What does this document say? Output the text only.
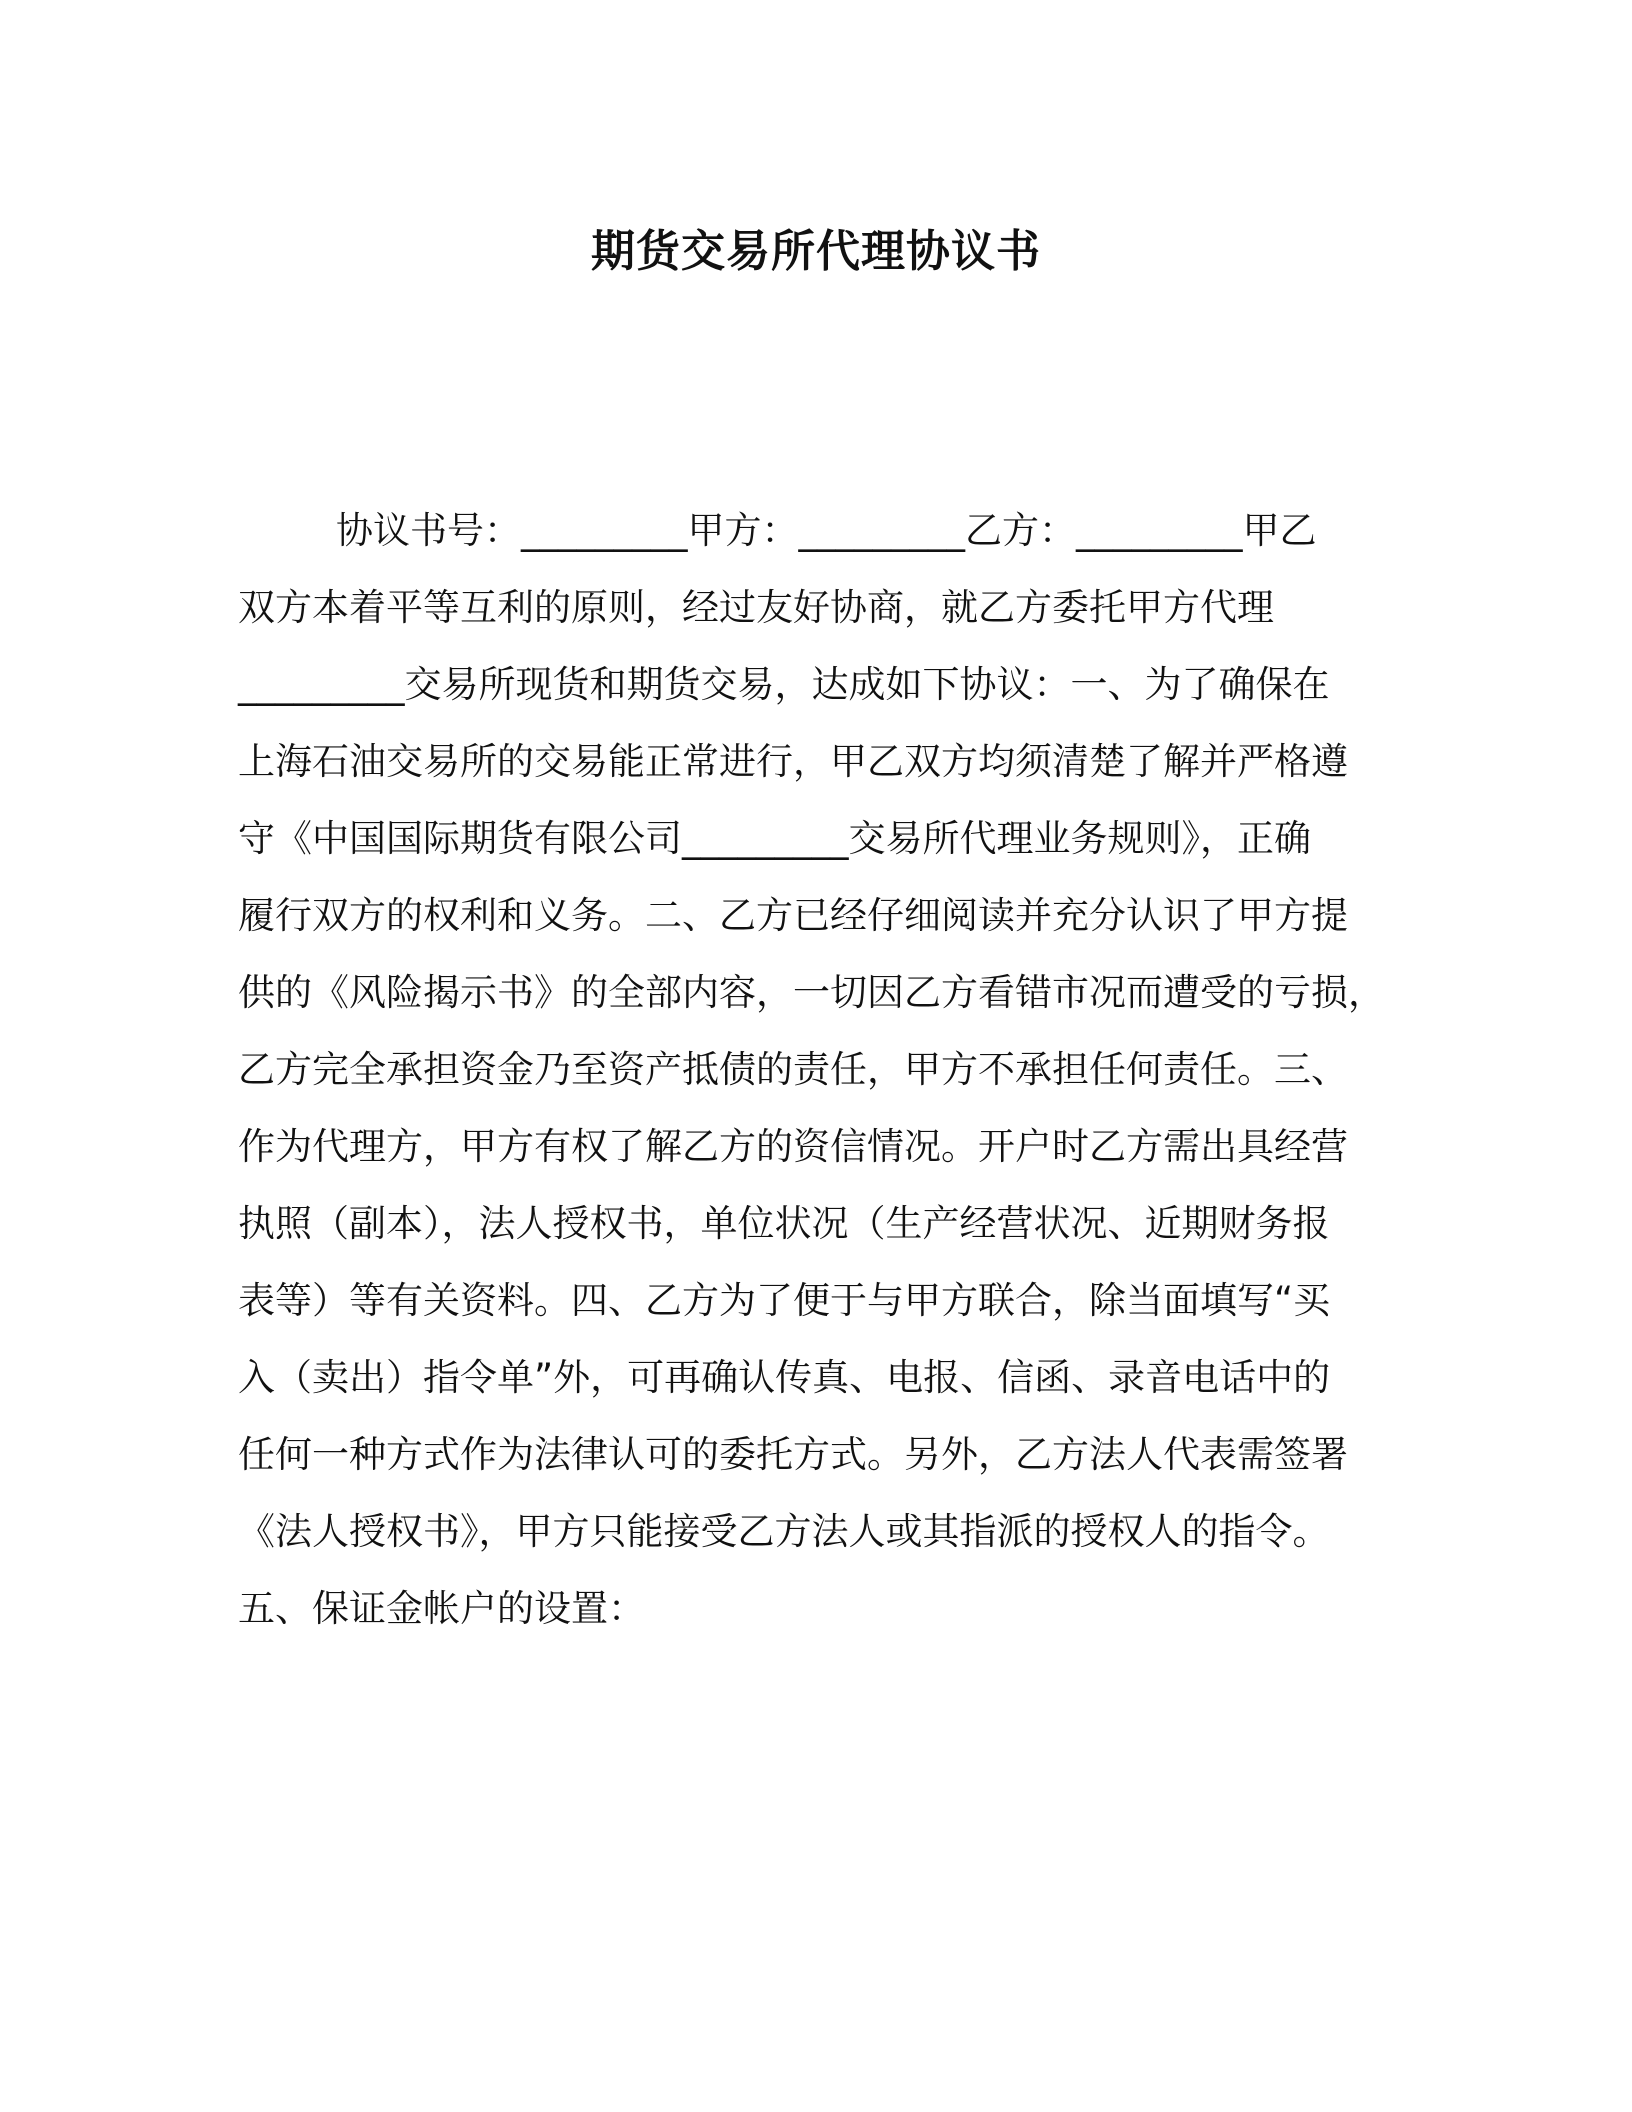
期货交易所代理协议书
协议书号：_________甲方：_________乙方：_________甲乙
双方本着平等互利的原则，经过友好协商，就乙方委托甲方代理
_________交易所现货和期货交易，达成如下协议：一、为了确保在
上海石油交易所的交易能正常进行，甲乙双方均须清楚了解并严格遵
守《中国国际期货有限公司_________交易所代理业务规则》，正确
履行双方的权利和义务。二、乙方已经仔细阅读并充分认识了甲方提
供的《风险揭示书》的全部内容，一切因乙方看错市况而遭受的亏损，
乙方完全承担资金乃至资产抵债的责任，甲方不承担任何责任。三、
作为代理方，甲方有权了解乙方的资信情况。开户时乙方需出具经营
执照（副本），法人授权书，单位状况（生产经营状况、近期财务报
表等）等有关资料。四、乙方为了便于与甲方联合，除当面填写“买
入（卖出）指令单”外，可再确认传真、电报、信函、录音电话中的
任何一种方式作为法律认可的委托方式。另外，乙方法人代表需签署
《法人授权书》，甲方只能接受乙方法人或其指派的授权人的指令。
五、保证金帐户的设置：
